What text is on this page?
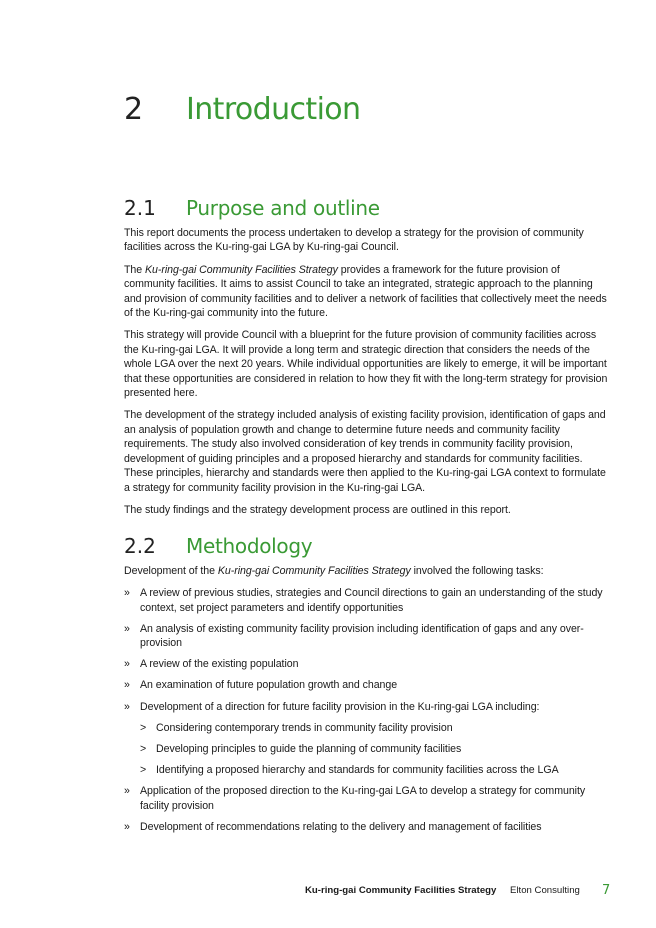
2 Introduction
2.1 Purpose and outline

This report documents the process undertaken to develop a strategy for the provision of community facilities across the Ku-ring-gai LGA by Ku-ring-gai Council.

The Ku-ring-gai Community Facilities Strategy provides a framework for the future provision of community facilities. It aims to assist Council to take an integrated, strategic approach to the planning and provision of community facilities and to deliver a network of facilities that collectively meet the needs of the Ku-ring-gai community into the future.

This strategy will provide Council with a blueprint for the future provision of community facilities across the Ku-ring-gai LGA. It will provide a long term and strategic direction that considers the needs of the whole LGA over the next 20 years. While individual opportunities are likely to emerge, it will be important that these opportunities are considered in relation to how they fit with the long-term strategy for provision presented here.

The development of the strategy included analysis of existing facility provision, identification of gaps and an analysis of population growth and change to determine future needs and community facility requirements. The study also involved consideration of key trends in community facility provision, development of guiding principles and a proposed hierarchy and standards for community facilities. These principles, hierarchy and standards were then applied to the Ku-ring-gai LGA context to formulate a strategy for community facility provision in the Ku-ring-gai LGA.

The study findings and the strategy development process are outlined in this report.

2.2 Methodology

Development of the Ku-ring-gai Community Facilities Strategy involved the following tasks:

» A review of previous studies, strategies and Council directions to gain an understanding of the study context, set project parameters and identify opportunities
» An analysis of existing community facility provision including identification of gaps and any over-provision
» A review of the existing population
» An examination of future population growth and change
» Development of a direction for future facility provision in the Ku-ring-gai LGA including:
> Considering contemporary trends in community facility provision
> Developing principles to guide the planning of community facilities
> Identifying a proposed hierarchy and standards for community facilities across the LGA
» Application of the proposed direction to the Ku-ring-gai LGA to develop a strategy for community facility provision
» Development of recommendations relating to the delivery and management of facilities
Ku-ring-gai Community Facilities Strategy Elton Consulting 7
